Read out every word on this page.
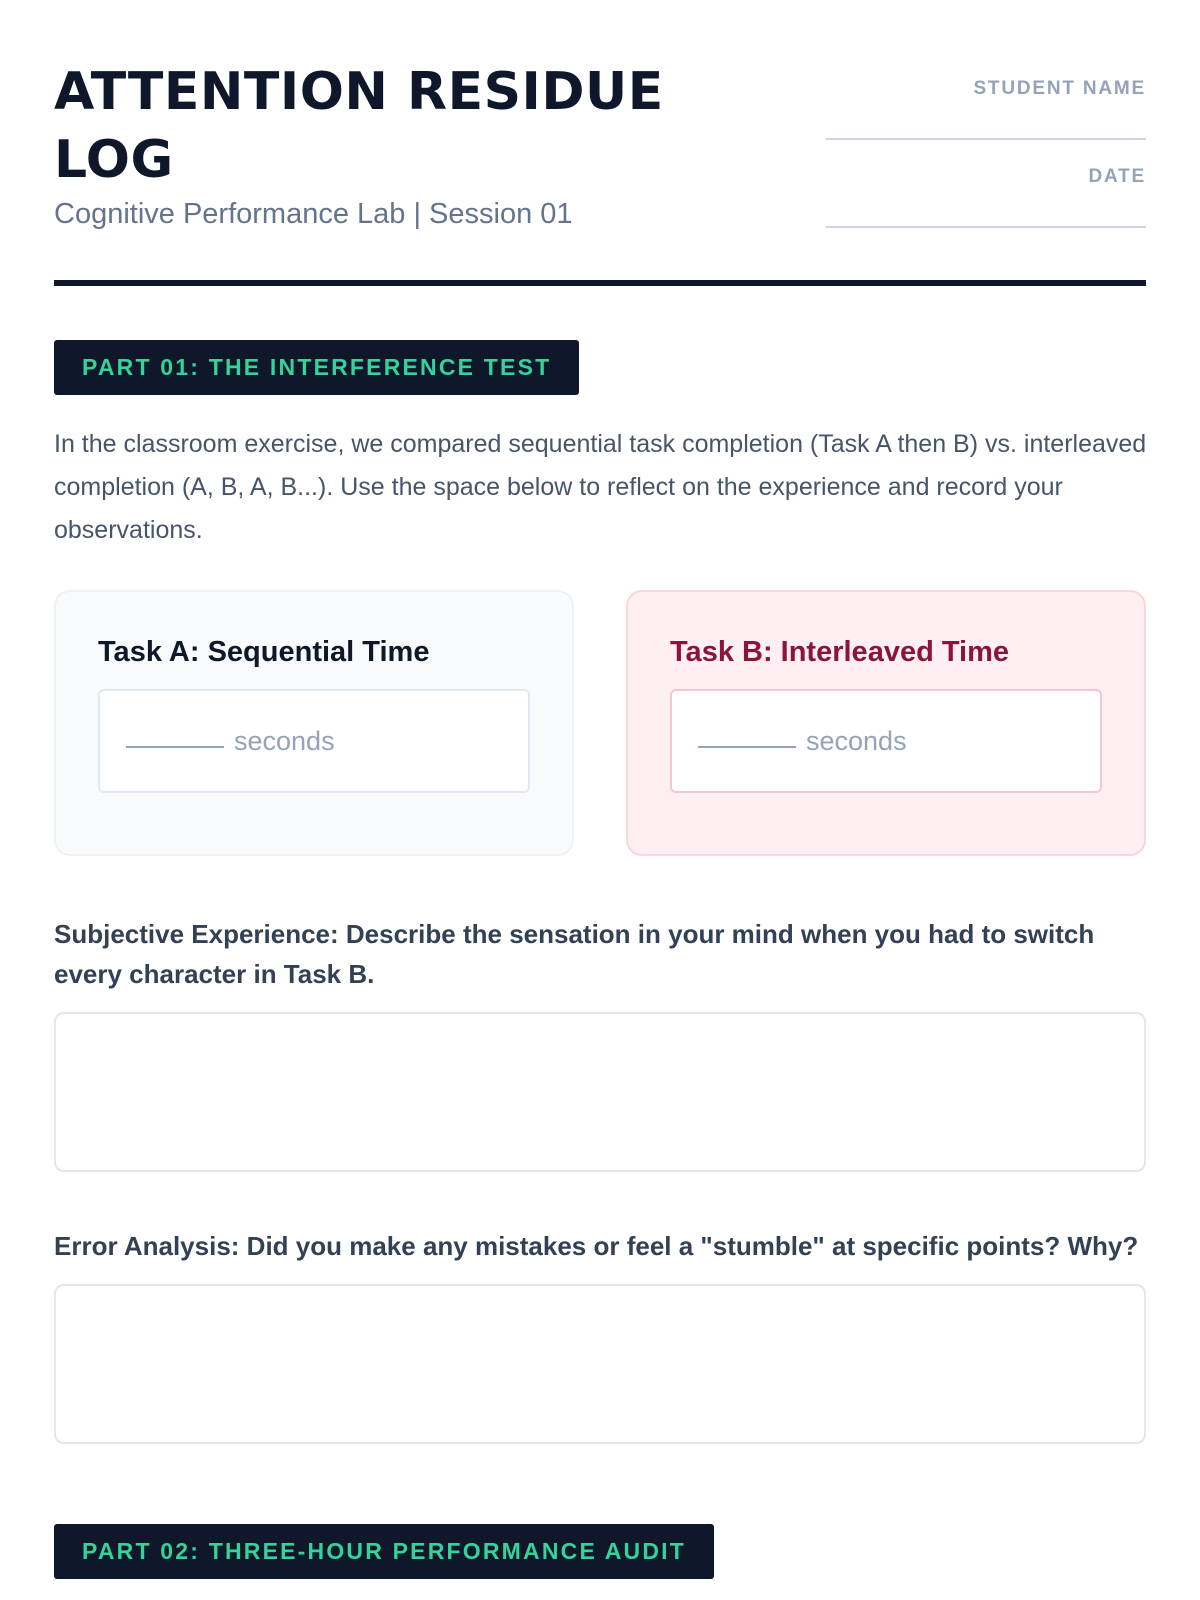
ATTENTION RESIDUE LOG
Cognitive Performance Lab | Session 01
STUDENT NAME
DATE
PART 01: THE INTERFERENCE TEST
In the classroom exercise, we compared sequential task completion (Task A then B) vs. interleaved completion (A, B, A, B...). Use the space below to reflect on the experience and record your observations.
Task A: Sequential Time
seconds
Task B: Interleaved Time
seconds
Subjective Experience: Describe the sensation in your mind when you had to switch every character in Task B.
Error Analysis: Did you make any mistakes or feel a "stumble" at specific points? Why?
PART 02: THREE-HOUR PERFORMANCE AUDIT
